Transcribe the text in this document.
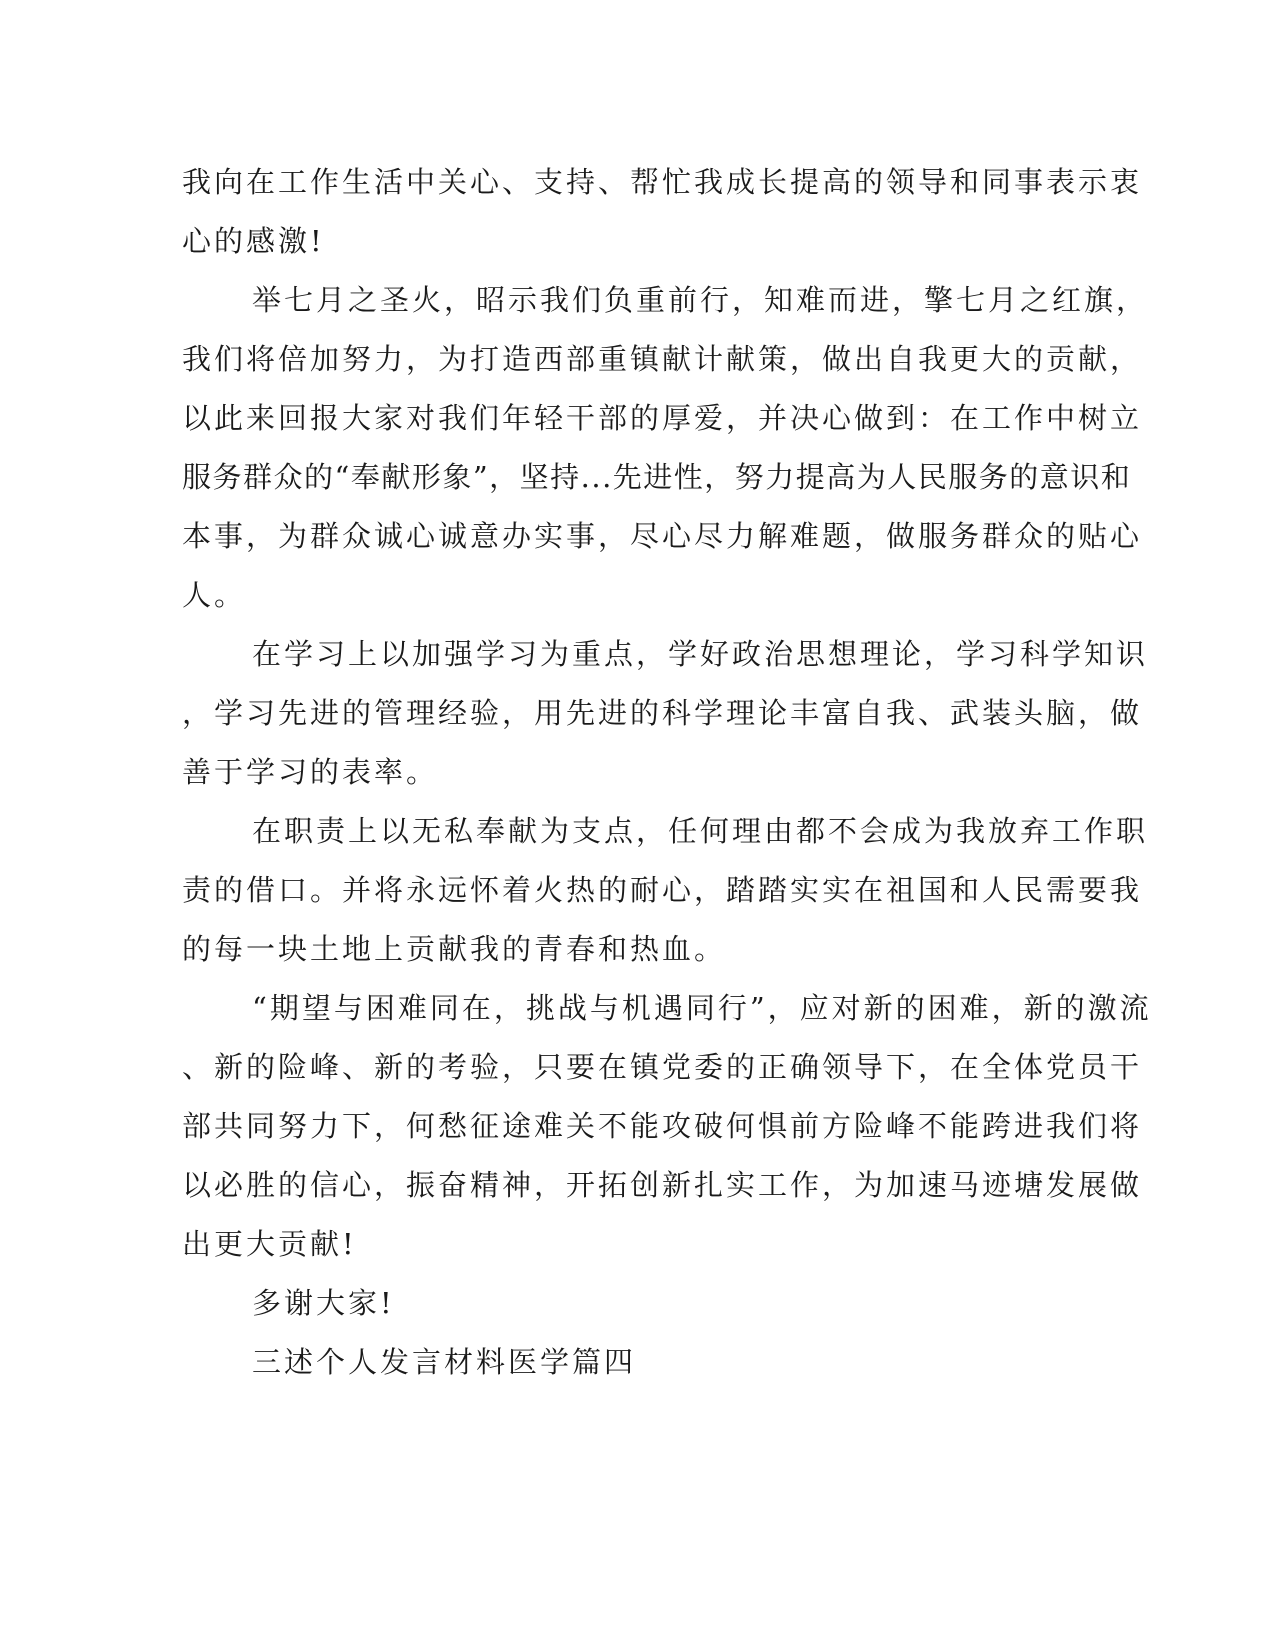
我向在工作生活中关心、支持、帮忙我成长提高的领导和同事表示衷
心的感激!
举七月之圣火，昭示我们负重前行，知难而进，擎七月之红旗，
我们将倍加努力，为打造西部重镇献计献策，做出自我更大的贡献，
以此来回报大家对我们年轻干部的厚爱，并决心做到：在工作中树立
服务群众的“奉献形象”，坚持...先进性，努力提高为人民服务的意识和
本事，为群众诚心诚意办实事，尽心尽力解难题，做服务群众的贴心
人。
在学习上以加强学习为重点，学好政治思想理论，学习科学知识
，学习先进的管理经验，用先进的科学理论丰富自我、武装头脑，做
善于学习的表率。
在职责上以无私奉献为支点，任何理由都不会成为我放弃工作职
责的借口。并将永远怀着火热的耐心，踏踏实实在祖国和人民需要我
的每一块土地上贡献我的青春和热血。
“期望与困难同在，挑战与机遇同行”，应对新的困难，新的激流
、新的险峰、新的考验，只要在镇党委的正确领导下，在全体党员干
部共同努力下，何愁征途难关不能攻破何惧前方险峰不能跨进我们将
以必胜的信心，振奋精神，开拓创新扎实工作，为加速马迹塘发展做
出更大贡献!
多谢大家!
三述个人发言材料医学篇四
